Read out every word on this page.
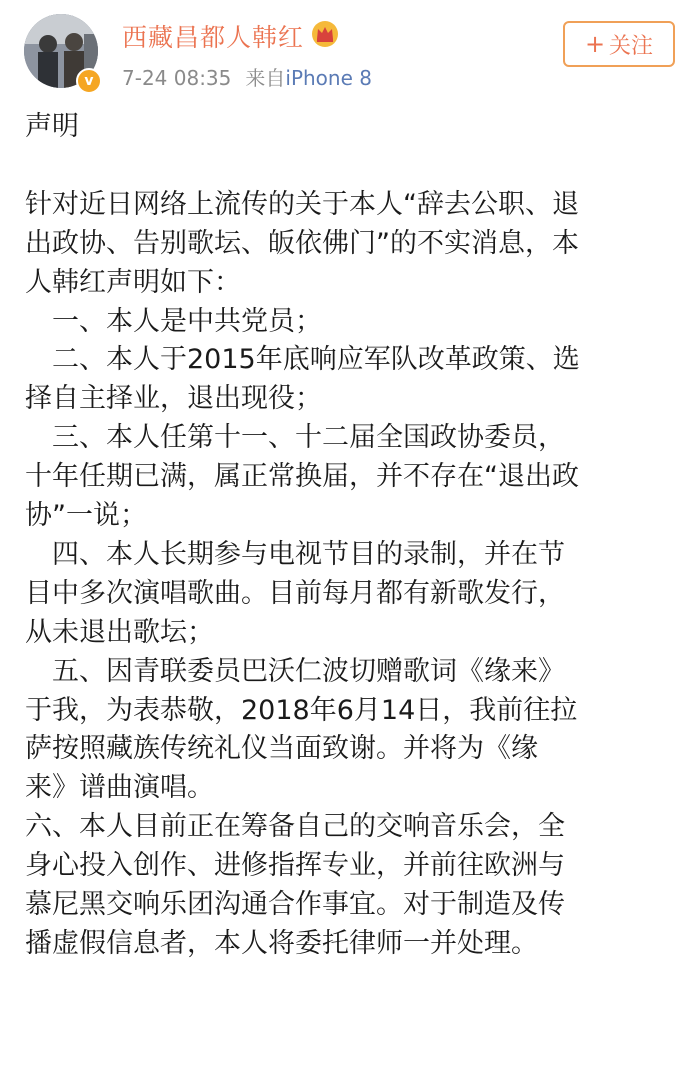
v
西藏昌都人韩红
7-24 08:35 来自iPhone 8
+ 关注

声明

针对近日网络上流传的关于本人“辞去公职、退

出政协、告别歌坛、皈依佛门”的不实消息，本

人韩红声明如下：

　一、本人是中共党员；

　二、本人于2015年底响应军队改革政策、选

择自主择业，退出现役；

　三、本人任第十一、十二届全国政协委员，

十年任期已满，属正常换届，并不存在“退出政

协”一说；

　四、本人长期参与电视节目的录制，并在节

目中多次演唱歌曲。目前每月都有新歌发行，

从未退出歌坛；

　五、因青联委员巴沃仁波切赠歌词《缘来》

于我，为表恭敬，2018年6月14日，我前往拉

萨按照藏族传统礼仪当面致谢。并将为《缘

来》谱曲演唱。

六、本人目前正在筹备自己的交响音乐会，全

身心投入创作、进修指挥专业，并前往欧洲与

慕尼黑交响乐团沟通合作事宜。对于制造及传

播虚假信息者，本人将委托律师一并处理。
